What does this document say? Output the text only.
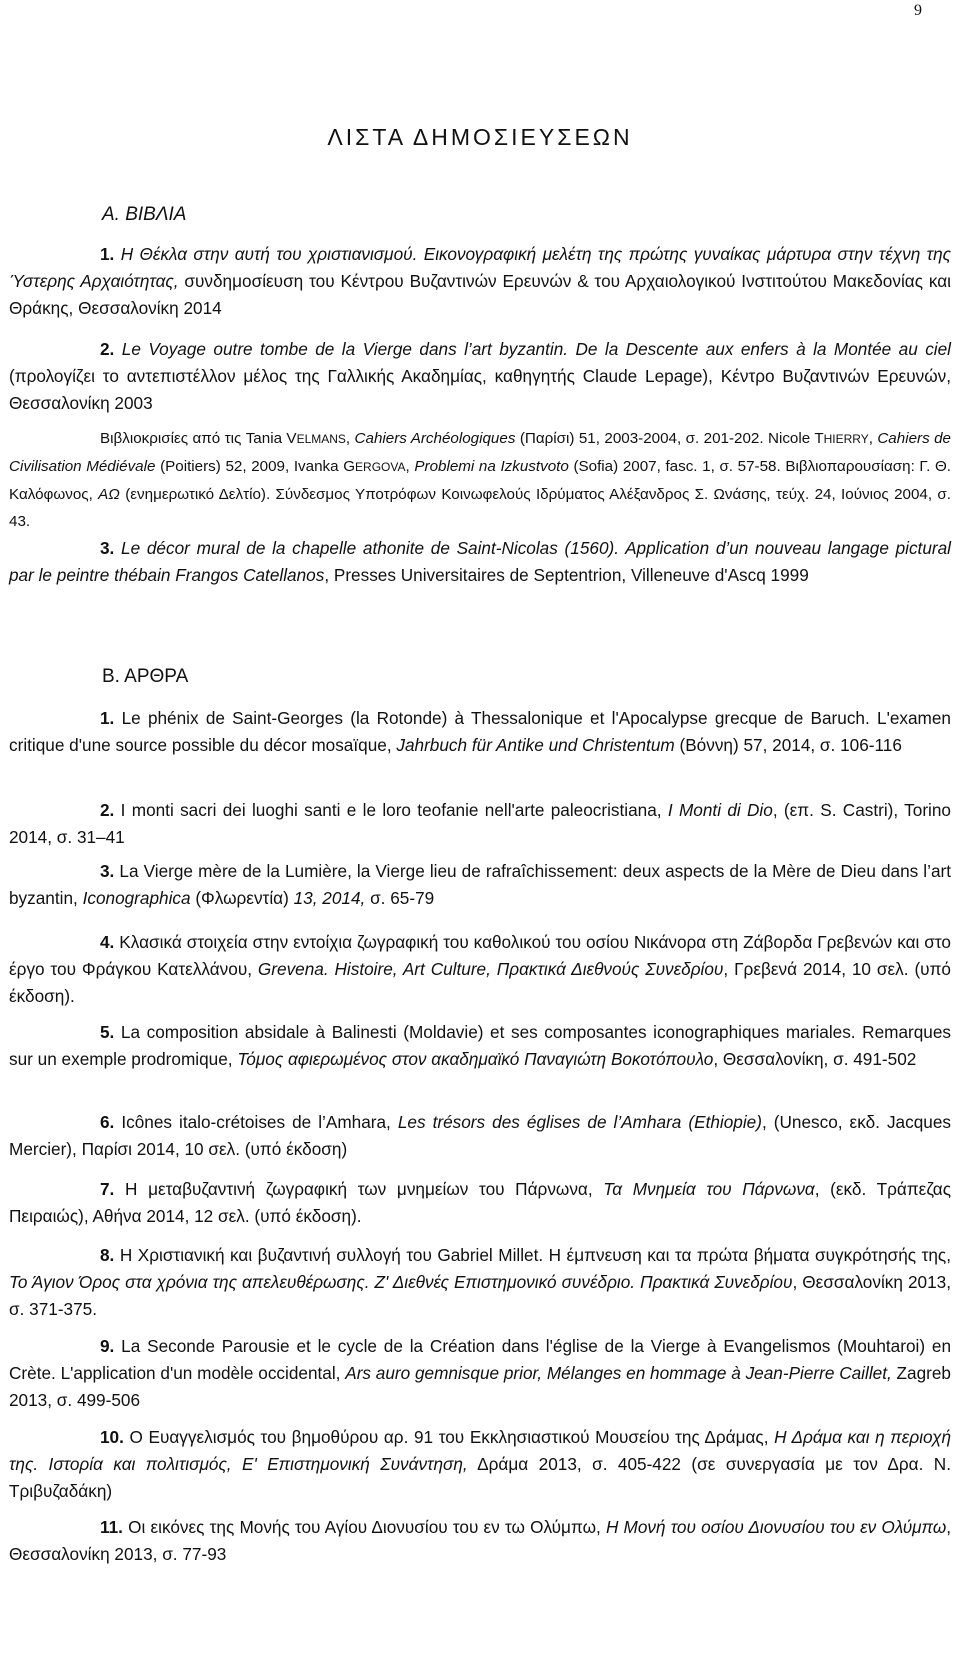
9
ΛΙΣΤΑ ΔΗΜΟΣΙΕΥΣΕΩΝ
Α. ΒΙΒΛΙΑ
1. Η Θέκλα στην αυτή του χριστιανισμού. Εικονογραφική μελέτη της πρώτης γυναίκας μάρτυρα στην τέχνη της Ύστερης Αρχαιότητας, συνδημοσίευση του Κέντρου Βυζαντινών Ερευνών & του Αρχαιολογικού Ινστιτούτου Μακεδονίας και Θράκης, Θεσσαλονίκη 2014
2. Le Voyage outre tombe de la Vierge dans l’art byzantin. De la Descente aux enfers à la Montée au ciel (προλογίζει το αντεπιστέλλον μέλος της Γαλλικής Ακαδημίας, καθηγητής Claude Lepage), Κέντρο Βυζαντινών Ερευνών, Θεσσαλονίκη 2003
Βιβλιοκρισίες από τις Tania VELMANS, Cahiers Archéologiques (Παρίσι) 51, 2003-2004, σ. 201-202. Nicole THIERRY, Cahiers de Civilisation Médiévale (Poitiers) 52, 2009, Ivanka GERGOVA, Problemi na Izkustvoto (Sofia) 2007, fasc. 1, σ. 57-58. Βιβλιοπαρουσίαση: Γ. Θ. Καλόφωνος, ΑΩ (ενημερωτικό Δελτίο). Σύνδεσμος Υποτρόφων Κοινωφελούς Ιδρύματος Αλέξανδρος Σ. Ωνάσης, τεύχ. 24, Ιούνιος 2004, σ. 43.
3. Le décor mural de la chapelle athonite de Saint-Nicolas (1560). Application d’un nouveau langage pictural par le peintre thébain Frangos Catellanos, Presses Universitaires de Septentrion, Villeneuve d'Ascq 1999
Β. ΑΡΘΡΑ
1. Le phénix de Saint-Georges (la Rotonde) à Thessalonique et l'Apocalypse grecque de Baruch. L'examen critique d'une source possible du décor mosaïque, Jahrbuch für Antike und Christentum (Βόννη) 57, 2014, σ. 106-116
2. I monti sacri dei luoghi santi e le loro teofanie nell'arte paleocristiana, I Monti di Dio, (επ. S. Castri), Torino 2014, σ. 31–41
3. La Vierge mère de la Lumière, la Vierge lieu de rafraîchissement: deux aspects de la Mère de Dieu dans l’art byzantin, Iconographica (Φλωρεντία) 13, 2014, σ. 65-79
4. Κλασικά στοιχεία στην εντοίχια ζωγραφική του καθολικού του οσίου Νικάνορα στη Ζάβορδα Γρεβενών και στο έργο του Φράγκου Κατελλάνου, Grevena. Histoire, Art Culture, Πρακτικά Διεθνούς Συνεδρίου, Γρεβενά 2014, 10 σελ. (υπό έκδοση).
5. La composition absidale à Balinesti (Moldavie) et ses composantes iconographiques mariales. Remarques sur un exemple prodromique, Τόμος αφιερωμένος στον ακαδημαϊκό Παναγιώτη Βοκοτόπουλο, Θεσσαλονίκη, σ. 491-502
6. Icônes italo-crétoises de l’Amhara, Les trésors des églises de l’Amhara (Ethiopie), (Unesco, εκδ. Jacques Mercier), Παρίσι 2014, 10 σελ. (υπό έκδοση)
7. Η μεταβυζαντινή ζωγραφική των μνημείων του Πάρνωνα, Τα Μνημεία του Πάρνωνα, (εκδ. Τράπεζας Πειραιώς), Αθήνα 2014, 12 σελ. (υπό έκδοση).
8. Η Χριστιανική και βυζαντινή συλλογή του Gabriel Millet. Η έμπνευση και τα πρώτα βήματα συγκρότησής της, Το Άγιον Όρος στα χρόνια της απελευθέρωσης. Ζ' Διεθνές Επιστημονικό συνέδριο. Πρακτικά Συνεδρίου, Θεσσαλονίκη 2013, σ. 371-375.
9. La Seconde Parousie et le cycle de la Création dans l'église de la Vierge à Evangelismos (Mouhtaroi) en Crète. L'application d'un modèle occidental, Ars auro gemnisque prior, Mélanges en hommage à Jean-Pierre Caillet, Zagreb 2013, σ. 499-506
10. Ο Ευαγγελισμός του βημοθύρου αρ. 91 του Εκκλησιαστικού Μουσείου της Δράμας, Η Δράμα και η περιοχή της. Ιστορία και πολιτισμός, Ε' Επιστημονική Συνάντηση, Δράμα 2013, σ. 405-422 (σε συνεργασία με τον Δρα. Ν. Τριβυζαδάκη)
11. Οι εικόνες της Μονής του Αγίου Διονυσίου του εν τω Ολύμπω, Η Μονή του οσίου Διονυσίου του εν Ολύμπω, Θεσσαλονίκη 2013, σ. 77-93
